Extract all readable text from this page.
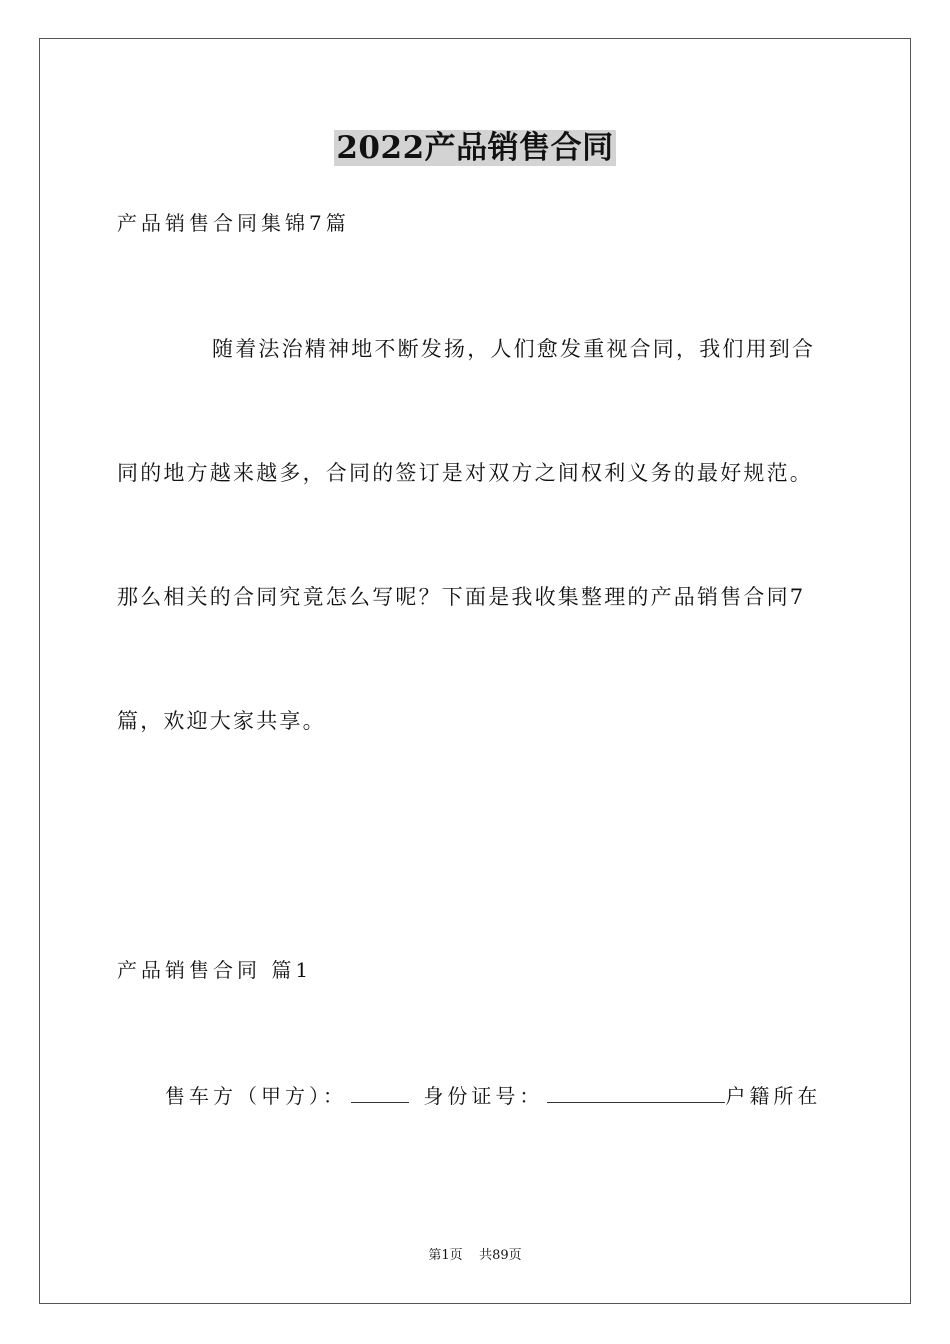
2022产品销售合同
产品销售合同集锦7篇
随着法治精神地不断发扬，人们愈发重视合同，我们用到合
同的地方越来越多，合同的签订是对双方之间权利义务的最好规范。
那么相关的合同究竟怎么写呢？下面是我收集整理的产品销售合同7
篇，欢迎大家共享。
产品销售合同 篇1
售车方（甲方）：	身份证号：	户籍所在
第1页    共89页
